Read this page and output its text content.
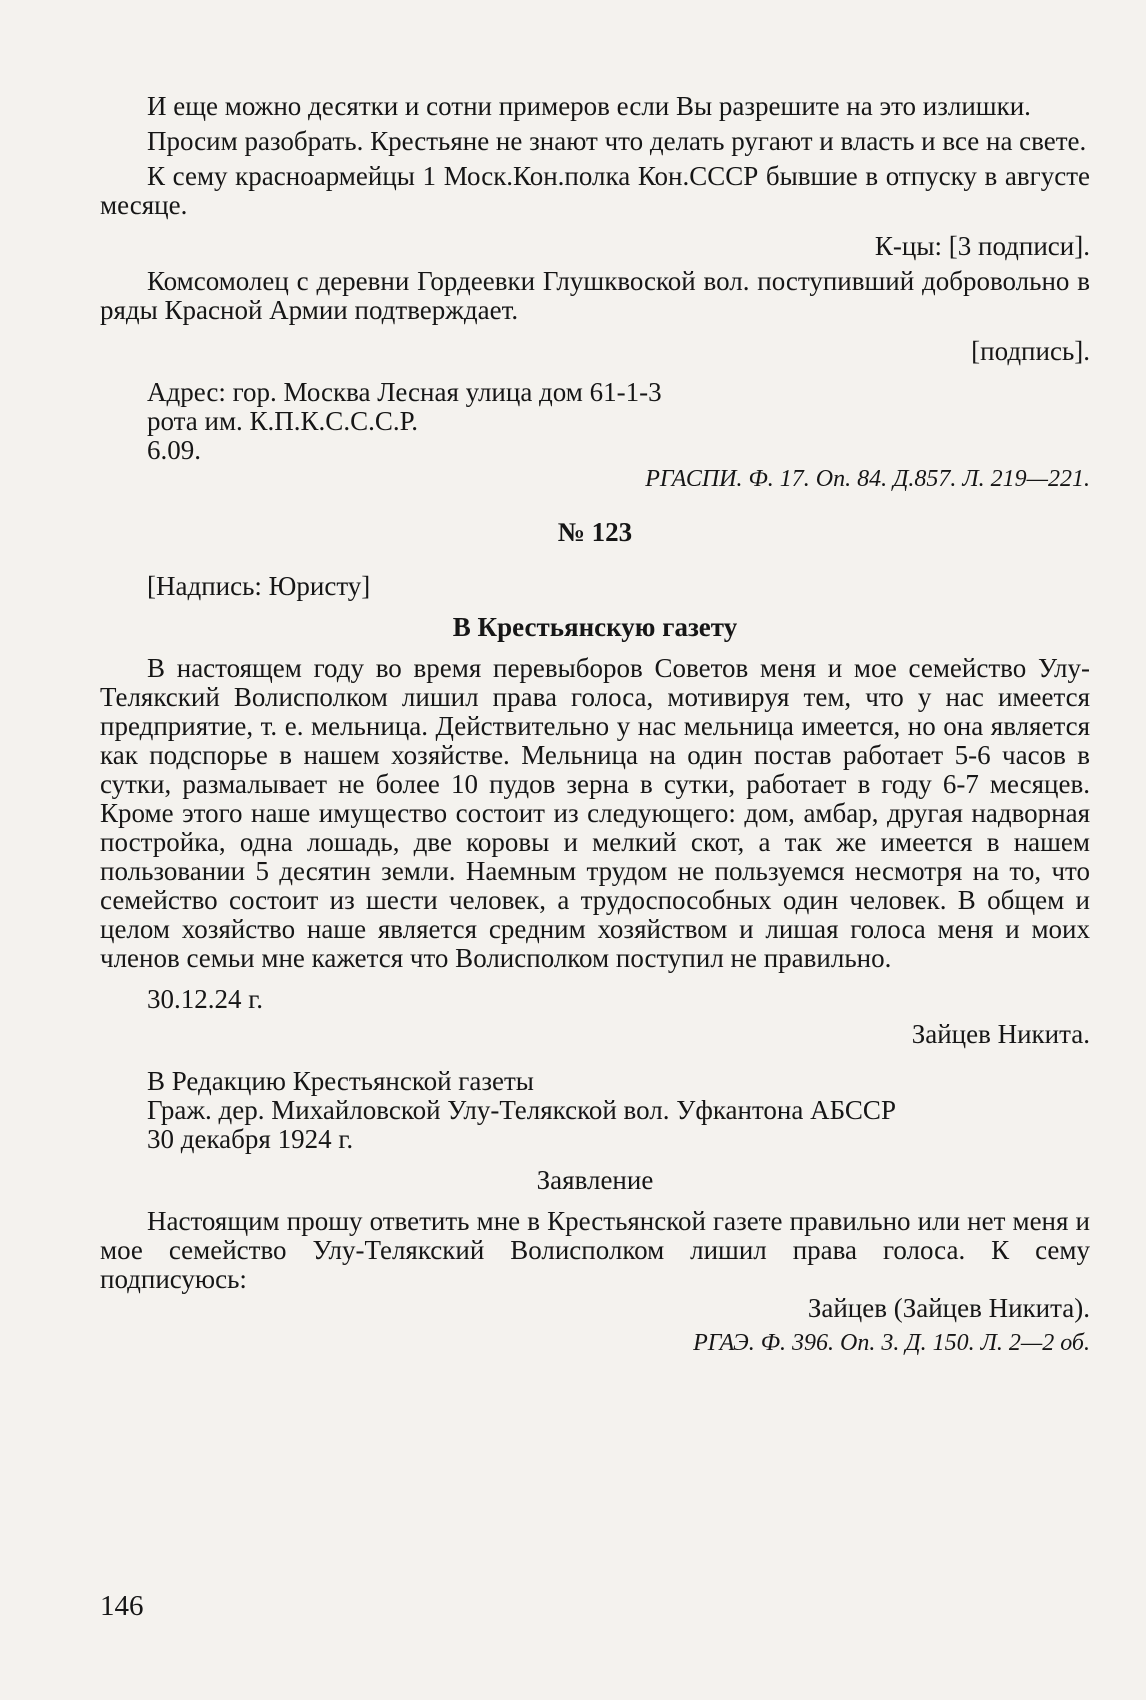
И еще можно десятки и сотни примеров если Вы разрешите на это излишки.

Просим разобрать. Крестьяне не знают что делать ругают и власть и все на свете.

К сему красноармейцы 1 Моск.Кон.полка Кон.СССР бывшие в отпуску в августе месяце.

К-цы: [3 подписи].

Комсомолец с деревни Гордеевки Глушквоской вол. поступивший добровольно в ряды Красной Армии подтверждает.

[подпись].

Адрес: гор. Москва Лесная улица дом 61-1-3

рота им. К.П.К.С.С.С.Р.

6.09.

РГАСПИ. Ф. 17. Оп. 84. Д.857. Л. 219—221.

№ 123

[Надпись: Юристу]

В Крестьянскую газету

В настоящем году во время перевыборов Советов меня и мое семейство Улу-Телякский Волисполком лишил права голоса, мотивируя тем, что у нас имеется предприятие, т. е. мельница. Действительно у нас мельница имеется, но она является как подспорье в нашем хозяйстве. Мельница на один постав работает 5-6 часов в сутки, размалывает не более 10 пудов зерна в сутки, работает в году 6-7 месяцев. Кроме этого наше имущество состоит из следующего: дом, амбар, другая надворная постройка, одна лошадь, две коровы и мелкий скот, а так же имеется в нашем пользовании 5 десятин земли. Наемным трудом не пользуемся несмотря на то, что семейство состоит из шести человек, а трудоспособных один человек. В общем и целом хозяйство наше является средним хозяйством и лишая голоса меня и моих членов семьи мне кажется что Волисполком поступил не правильно.

30.12.24 г.

Зайцев Никита.

В Редакцию Крестьянской газеты

Граж. дер. Михайловской Улу-Телякской вол. Уфкантона АБССР

30 декабря 1924 г.

Заявление

Настоящим прошу ответить мне в Крестьянской газете правильно или нет меня и мое семейство Улу-Телякский Волисполком лишил права голоса. К сему подписуюсь:

Зайцев (Зайцев Никита).

РГАЭ. Ф. 396. Оп. 3. Д. 150. Л. 2—2 об.

146
